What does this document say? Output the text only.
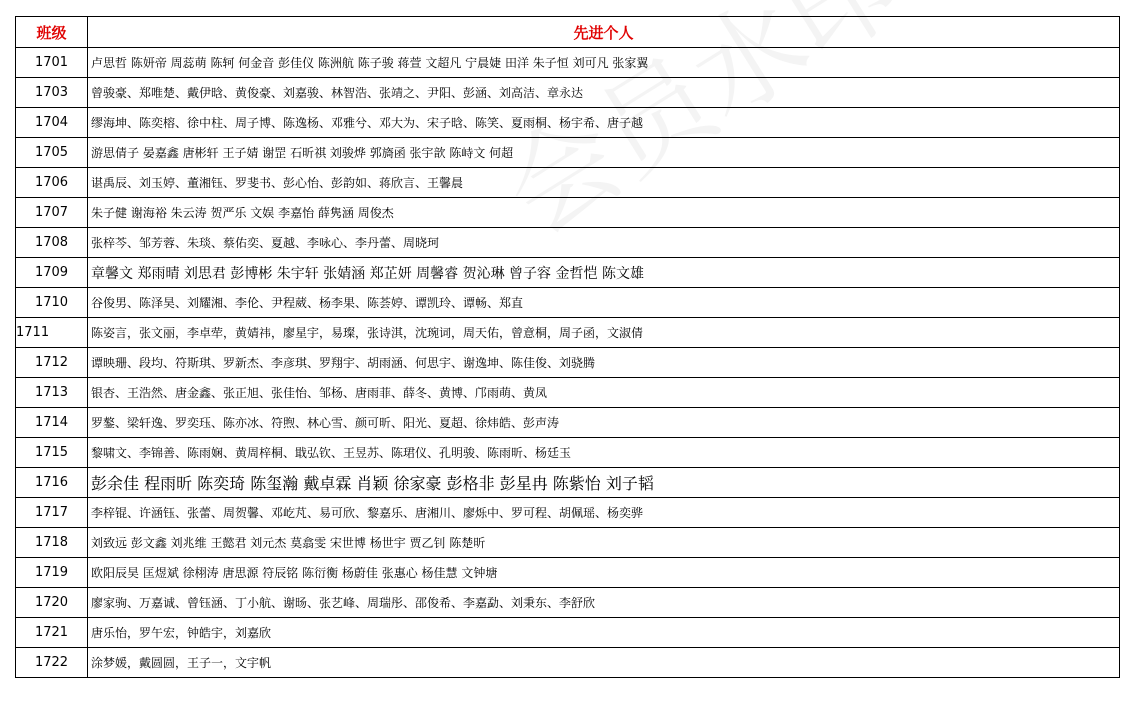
班级	先进个人
1701	卢思哲 陈妍帝 周蕊萌 陈轲 何金音 彭佳仪 陈洲航 陈子骏 蒋萱 文超凡 宁晨婕 田洋 朱子恒 刘可凡 张家翼
1703	曾骏豪、郑唯楚、戴伊晗、黄俊豪、刘嘉骏、林智浩、张靖之、尹阳、彭涵、刘高洁、章永达
1704	缪海坤、陈奕榕、徐中柱、周子博、陈逸杨、邓雅兮、邓大为、宋子晗、陈笑、夏雨桐、杨宇希、唐子越
1705	游思倩子 晏嘉鑫 唐彬轩 王子婧 谢罡 石昕祺 刘骏烨 郭旖函 张宇歆 陈峙文 何超
1706	谌禹辰、刘玉婷、董湘钰、罗斐书、彭心怡、彭韵如、蒋欣言、王馨晨
1707	朱子健 谢海裕 朱云涛 贺严乐 文娱 李嘉怡 薛隽涵 周俊杰
1708	张梓芩、邹芳蓉、朱琰、蔡佑奕、夏越、李咏心、李丹蕾、周晓珂
1709	章馨文 郑雨晴 刘思君 彭博彬 朱宇轩 张婧涵 郑芷妍 周馨睿 贺沁琳 曾子容 金哲恺 陈文雄
1710	谷俊男、陈泽昊、刘耀湘、李伦、尹程葳、杨李果、陈荟婷、谭凯玲、谭畅、郑直
1711	陈姿言，张文丽，李卓荦，黄婧祎，廖星宇，易璨，张诗淇，沈琬词，周天佑，曾意桐，周子函，文淑倩
1712	谭映珊、段均、符斯琪、罗新杰、李彦琪、罗翔宇、胡雨涵、何思宇、谢逸坤、陈佳俊、刘骁腾
1713	银杏、王浩然、唐金鑫、张正旭、张佳怡、邹杨、唐雨菲、薛冬、黄博、邝雨萌、黄凤
1714	罗鏊、梁轩逸、罗奕珏、陈亦冰、符煦、林心雪、颜可昕、阳光、夏超、徐炜皓、彭声涛
1715	黎啸文、李锦善、陈雨娴、黄周梓桐、戢弘钦、王昱苏、陈珺仪、孔明骏、陈雨昕、杨廷玉
1716	彭余佳 程雨昕 陈奕琦 陈玺瀚 戴卓霖 肖颖 徐家豪 彭格非 彭星冉 陈紫怡 刘子韬
1717	李梓锟、许涵钰、张蕾、周贺馨、邓屹芃、易可欣、黎嘉乐、唐湘川、廖烁中、罗可程、胡佩瑶、杨奕骅
1718	刘致远 彭文鑫 刘兆维 王懿君 刘元杰 莫翕雯 宋世博 杨世宇 贾乙钊 陈楚昕
1719	欧阳辰昊 匡煜斌 徐栩涛 唐思源 符辰铭 陈衍衡 杨蔚佳 张惠心 杨佳慧 文钟塘
1720	廖家驹、万嘉诚、曾钰涵、丁小航、谢旸、张艺峰、周瑞彤、邵俊希、李嘉勐、刘秉东、李舒欣
1721	唐乐怡，罗午宏，钟皓宇，刘嘉欣
1722	涂梦媛，戴圆圆，王子一，文宇帆
